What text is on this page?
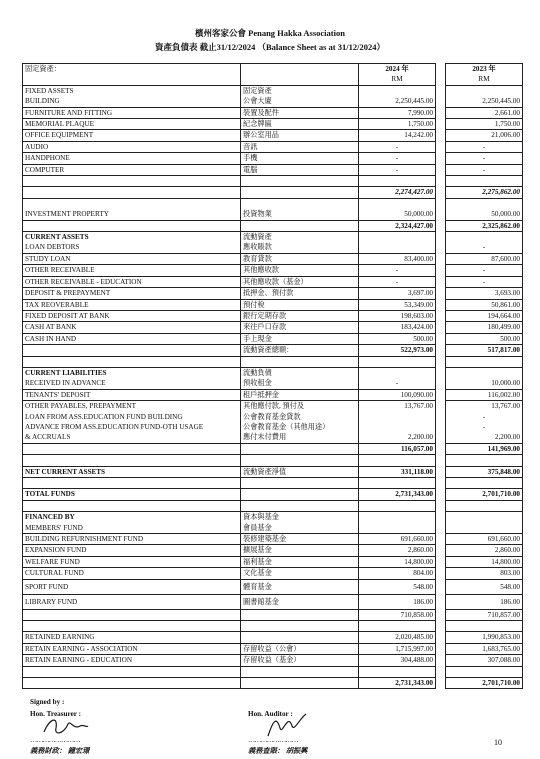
檳州客家公會 Penang Hakka Association
資產負債表 截止31/12/2024 （Balance Sheet as at 31/12/2024）
固定資產：		2024 年		2023 年
		RM		RM
FIXED ASSETS	固定資產			
BUILDING	公會大廈	2,250,445.00		2,250,445.00
FURNITURE AND FITTING	裝置及配件	7,990.00		2,661.00
MEMORIAL PLAQUE	紀念牌匾	1,750.00		1,750.00
OFFICE EQUIPMENT	辦公室用品	14,242.00		21,006.00
AUDIO	音訊	-		-
HANDPHONE	手機	-		-
COMPUTER	電腦	-		-

		2,274,427.00		2,275,862.00

INVESTMENT PROPERTY	投資物業	50,000.00		50,000.00
		2,324,427.00		2,325,862.00
CURRENT ASSETS	流動資產			
LOAN DEBTORS	應收賬款			-
STUDY LOAN	教育貸款	83,400.00		87,600.00
OTHER RECEIVABLE	其他應收款	-		-
OTHER RECEIVABLE - EDUCATION	其他應收款（基金）	-		-
DEPOSIT & PREPAYMENT	抵押金、預付款	3,697.00		3,693.00
TAX REOVERABLE	預付稅	53,349.00		50,861.00
FIXED DEPOSIT AT BANK	銀行定期存款	198,603.00		194,664.00
CASH AT BANK	來往戶口存款	183,424.00		180,499.00
CASH IN HAND	手上現金	500.00		500.00
	流動資產總額：	522,973.00		517,817.00

CURRENT LIABILITIES	流動負債			
RECEIVED IN ADVANCE	預收租金	-		10,000.00
TENANTS' DEPOSIT	租戶抵押金	100,090.00		116,002.00
OTHER PAYABLES, PREPAYMENT	其他應付款, 預付及	13,767.00		13,767.00
LOAN FROM ASS.EDUCATION FUND BUILDING	公會教育基金貸款			-
ADVANCE FROM ASS.EDUCATION FUND-OTH USAGE	公會教育基金（其他用途）			-
& ACCRUALS	應付未付費用	2,200.00		2,200.00
		116,057.00		141,969.00

NET CURRENT ASSETS	流動資產淨值	331,118.00		375,848.00

TOTAL FUNDS		2,731,343.00		2,701,710.00

FINANCED BY	資本與基金			
MEMBERS' FUND	會員基金			
BUILDING REFURNISHMENT FUND	裝修建築基金	691,660.00		691,660.00
EXPANSION FUND	擴展基金	2,860.00		2,860.00
WELFARE FUND	福利基金	14,800.00		14,800.00
CULTURAL FUND	文化基金	804.00		803.00
SPORT FUND	體育基金	548.00		548.00
LIBRARY FUND	圖書館基金	186.00		186.00
		710,858.00		710,857.00

RETAINED EARNING		2,020,485.00		1,990,853.00
RETAIN EARNING - ASSOCIATION	存留收益（公會）	1,715,997.00		1,683,765.00
RETAIN EARNING - EDUCATION	存留收益（基金）	304,488.00		307,088.00

		2,731,343.00		2,701,710.00
Signed by :
Hon. Treasurer :
……………………
義務財政： 鐘宏璟
Hon. Auditor :
……………………
義務查賬： 胡振興
10
